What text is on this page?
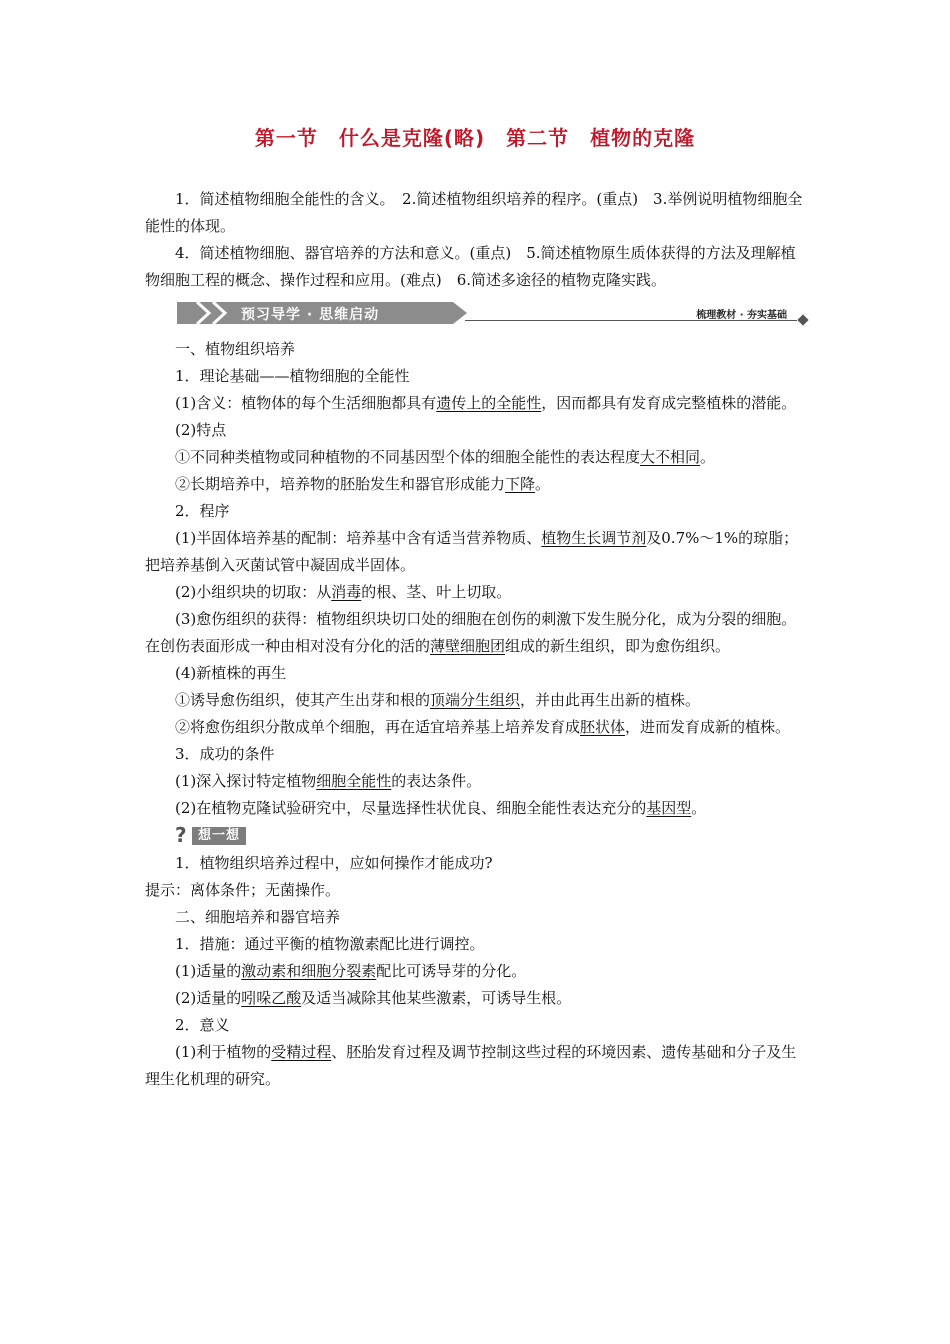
第一节　什么是克隆(略)　第二节　植物的克隆

1．简述植物细胞全能性的含义。　2.简述植物组织培养的程序。(重点)　3.举例说明植物细胞全能性的体现。

4．简述植物细胞、器官培养的方法和意义。(重点)　5.简述植物原生质体获得的方法及理解植物细胞工程的概念、操作过程和应用。(难点)　6.简述多途径的植物克隆实践。

预习导学 · 思维启动	梳理教材 · 夯实基础

一、植物组织培养

1．理论基础——植物细胞的全能性

(1)含义：植物体的每个生活细胞都具有遗传上的全能性，因而都具有发育成完整植株的潜能。

(2)特点

①不同种类植物或同种植物的不同基因型个体的细胞全能性的表达程度大不相同。

②长期培养中，培养物的胚胎发生和器官形成能力下降。

2．程序

(1)半固体培养基的配制：培养基中含有适当营养物质、植物生长调节剂及0.7%～1%的琼脂；把培养基倒入灭菌试管中凝固成半固体。

(2)小组织块的切取：从消毒的根、茎、叶上切取。

(3)愈伤组织的获得：植物组织块切口处的细胞在创伤的刺激下发生脱分化，成为分裂的细胞。在创伤表面形成一种由相对没有分化的活的薄壁细胞团组成的新生组织，即为愈伤组织。

(4)新植株的再生

①诱导愈伤组织，使其产生出芽和根的顶端分生组织，并由此再生出新的植株。

②将愈伤组织分散成单个细胞，再在适宜培养基上培养发育成胚状体，进而发育成新的植株。

3．成功的条件

(1)深入探讨特定植物细胞全能性的表达条件。

(2)在植物克隆试验研究中，尽量选择性状优良、细胞全能性表达充分的基因型。

? 想一想

1．植物组织培养过程中，应如何操作才能成功?

提示：离体条件；无菌操作。

二、细胞培养和器官培养

1．措施：通过平衡的植物激素配比进行调控。

(1)适量的激动素和细胞分裂素配比可诱导芽的分化。

(2)适量的吲哚乙酸及适当减除其他某些激素，可诱导生根。

2．意义

(1)利于植物的受精过程、胚胎发育过程及调节控制这些过程的环境因素、遗传基础和分子及生理生化机理的研究。
